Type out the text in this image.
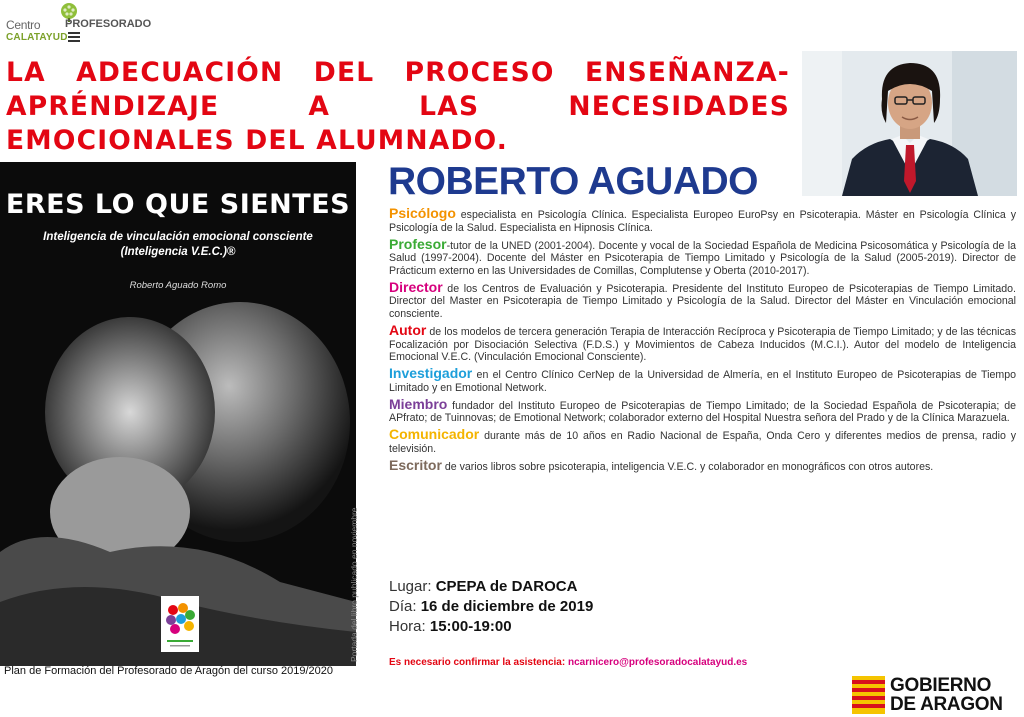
Centro PROFESORADO
CALATAYUD
LA ADECUACIÓN DEL PROCESO ENSEÑANZA-APRÉNDIZAJE A LAS NECESIDADES EMOCIONALES DEL ALUMNADO.
ERES LO QUE SIENTES
Inteligencia de vinculación emocional consciente
(Inteligencia V.E.C.)®
Roberto Aguado Romo
Portada del libro publicado en noviembre
Plan de Formación del Profesorado de Aragón del curso 2019/2020
ROBERTO AGUADO

Psicólogo especialista en Psicología Clínica. Especialista Europeo EuroPsy en Psicoterapia. Máster en Psicología Clínica y Psicología de la Salud. Especialista en Hipnosis Clínica.

Profesor-tutor de la UNED (2001-2004). Docente y vocal de la Sociedad Española de Medicina Psicosomática y Psicología de la Salud (1997-2004). Docente del Máster en Psicoterapia de Tiempo Limitado y Psicología de la Salud (2005-2019). Director de Prácticum externo en las Universidades de Comillas, Complutense y Oberta (2010-2017).

Director de los Centros de Evaluación y Psicoterapia. Presidente del Instituto Europeo de Psicoterapias de Tiempo Limitado. Director del Master en Psicoterapia de Tiempo Limitado y Psicología de la Salud. Director del Máster en Vinculación emocional consciente.

Autor de los modelos de tercera generación Terapia de Interacción Recíproca y Psicoterapia de Tiempo Limitado; y de las técnicas Focalización por Disociación Selectiva (F.D.S.) y Movimientos de Cabeza Inducidos (M.C.I.). Autor del modelo de Inteligencia Emocional V.E.C. (Vinculación Emocional Consciente).

Investigador en el Centro Clínico CerNep de la Universidad de Almería, en el Instituto Europeo de Psicoterapias de Tiempo Limitado y en Emotional Network.

Miembro fundador del Instituto Europeo de Psicoterapias de Tiempo Limitado; de la Sociedad Española de Psicoterapia; de APfrato; de Tuinnovas; de Emotional Network; colaborador externo del Hospital Nuestra señora del Prado y de la Clínica Marazuela.

Comunicador durante más de 10 años en Radio Nacional de España, Onda Cero y diferentes medios de prensa, radio y televisión.

Escritor de varios libros sobre psicoterapia, inteligencia V.E.C. y colaborador en monográficos con otros autores.

Lugar: CPEPA de DAROCA
Día: 16 de diciembre de 2019
Hora: 15:00-19:00
Es necesario confirmar la asistencia: ncarnicero@profesoradocalatayud.es
GOBIERNO
DE ARAGON
